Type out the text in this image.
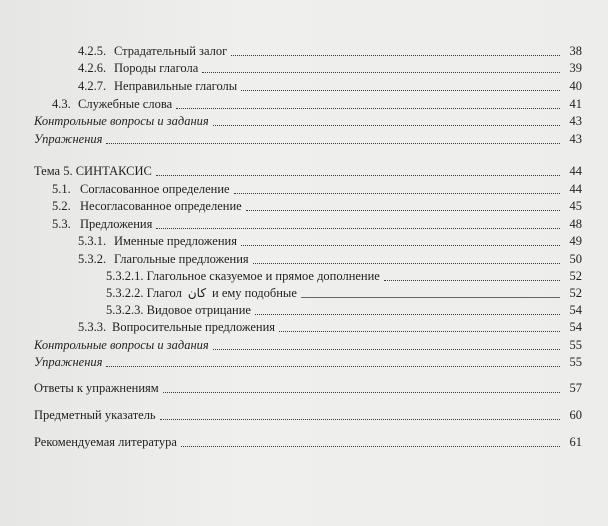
4.2.5. Страдательный залог	38
4.2.6. Породы глагола	39
4.2.7. Неправильные глаголы	40
4.3. Служебные слова	41
Контрольные вопросы и задания	43
Упражнения	43
Тема 5. СИНТАКСИС	44
5.1. Согласованное определение	44
5.2. Несогласованное определение	45
5.3. Предложения	48
5.3.1. Именные предложения	49
5.3.2. Глагольные предложения	50
5.3.2.1. Глагольное сказуемое и прямое дополнение	52
5.3.2.2. Глагол كان и ему подобные	52
5.3.2.3. Видовое отрицание	54
5.3.3. Вопросительные предложения	54
Контрольные вопросы и задания	55
Упражнения	55
Ответы к упражнениям	57
Предметный указатель	60
Рекомендуемая литература	61
